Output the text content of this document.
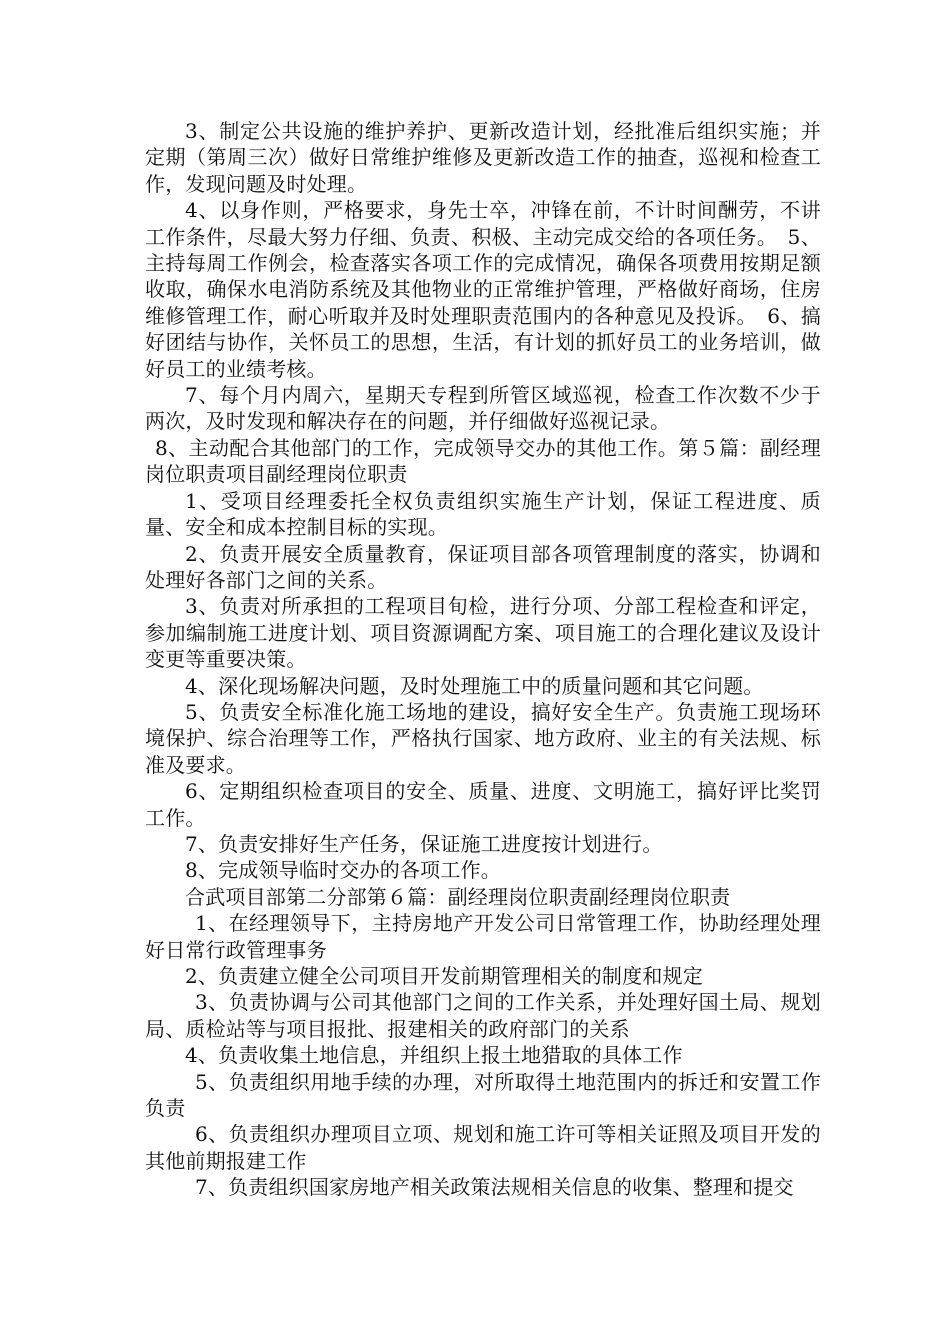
3、制定公共设施的维护养护、更新改造计划，经批准后组织实施；并定期（第周三次）做好日常维护维修及更新改造工作的抽查，巡视和检查工作，发现问题及时处理。

4、以身作则，严格要求，身先士卒，冲锋在前，不计时间酬劳，不讲工作条件，尽最大努力仔细、负责、积极、主动完成交给的各项任务。　5、主持每周工作例会，检查落实各项工作的完成情况，确保各项费用按期足额收取，确保水电消防系统及其他物业的正常维护管理，严格做好商场，住房维修管理工作，耐心听取并及时处理职责范围内的各种意见及投诉。　6、搞好团结与协作，关怀员工的思想，生活，有计划的抓好员工的业务培训，做好员工的业绩考核。

7、每个月内周六，星期天专程到所管区域巡视，检查工作次数不少于两次，及时发现和解决存在的问题，并仔细做好巡视记录。

8、主动配合其他部门的工作，完成领导交办的其他工作。第５篇：副经理岗位职责项目副经理岗位职责

1、受项目经理委托全权负责组织实施生产计划，保证工程进度、质量、安全和成本控制目标的实现。

2、负责开展安全质量教育，保证项目部各项管理制度的落实，协调和处理好各部门之间的关系。

3、负责对所承担的工程项目旬检，进行分项、分部工程检查和评定，参加编制施工进度计划、项目资源调配方案、项目施工的合理化建议及设计变更等重要决策。

4、深化现场解决问题，及时处理施工中的质量问题和其它问题。

5、负责安全标准化施工场地的建设，搞好安全生产。负责施工现场环境保护、综合治理等工作，严格执行国家、地方政府、业主的有关法规、标准及要求。

6、定期组织检查项目的安全、质量、进度、文明施工，搞好评比奖罚工作。

7、负责安排好生产任务，保证施工进度按计划进行。

8、完成领导临时交办的各项工作。

合武项目部第二分部第６篇：副经理岗位职责副经理岗位职责

1、在经理领导下，主持房地产开发公司日常管理工作，协助经理处理好日常行政管理事务

2、负责建立健全公司项目开发前期管理相关的制度和规定

3、负责协调与公司其他部门之间的工作关系，并处理好国土局、规划局、质检站等与项目报批、报建相关的政府部门的关系

4、负责收集土地信息，并组织上报土地猎取的具体工作

5、负责组织用地手续的办理，对所取得土地范围内的拆迁和安置工作负责

6、负责组织办理项目立项、规划和施工许可等相关证照及项目开发的其他前期报建工作

7、负责组织国家房地产相关政策法规相关信息的收集、整理和提交
